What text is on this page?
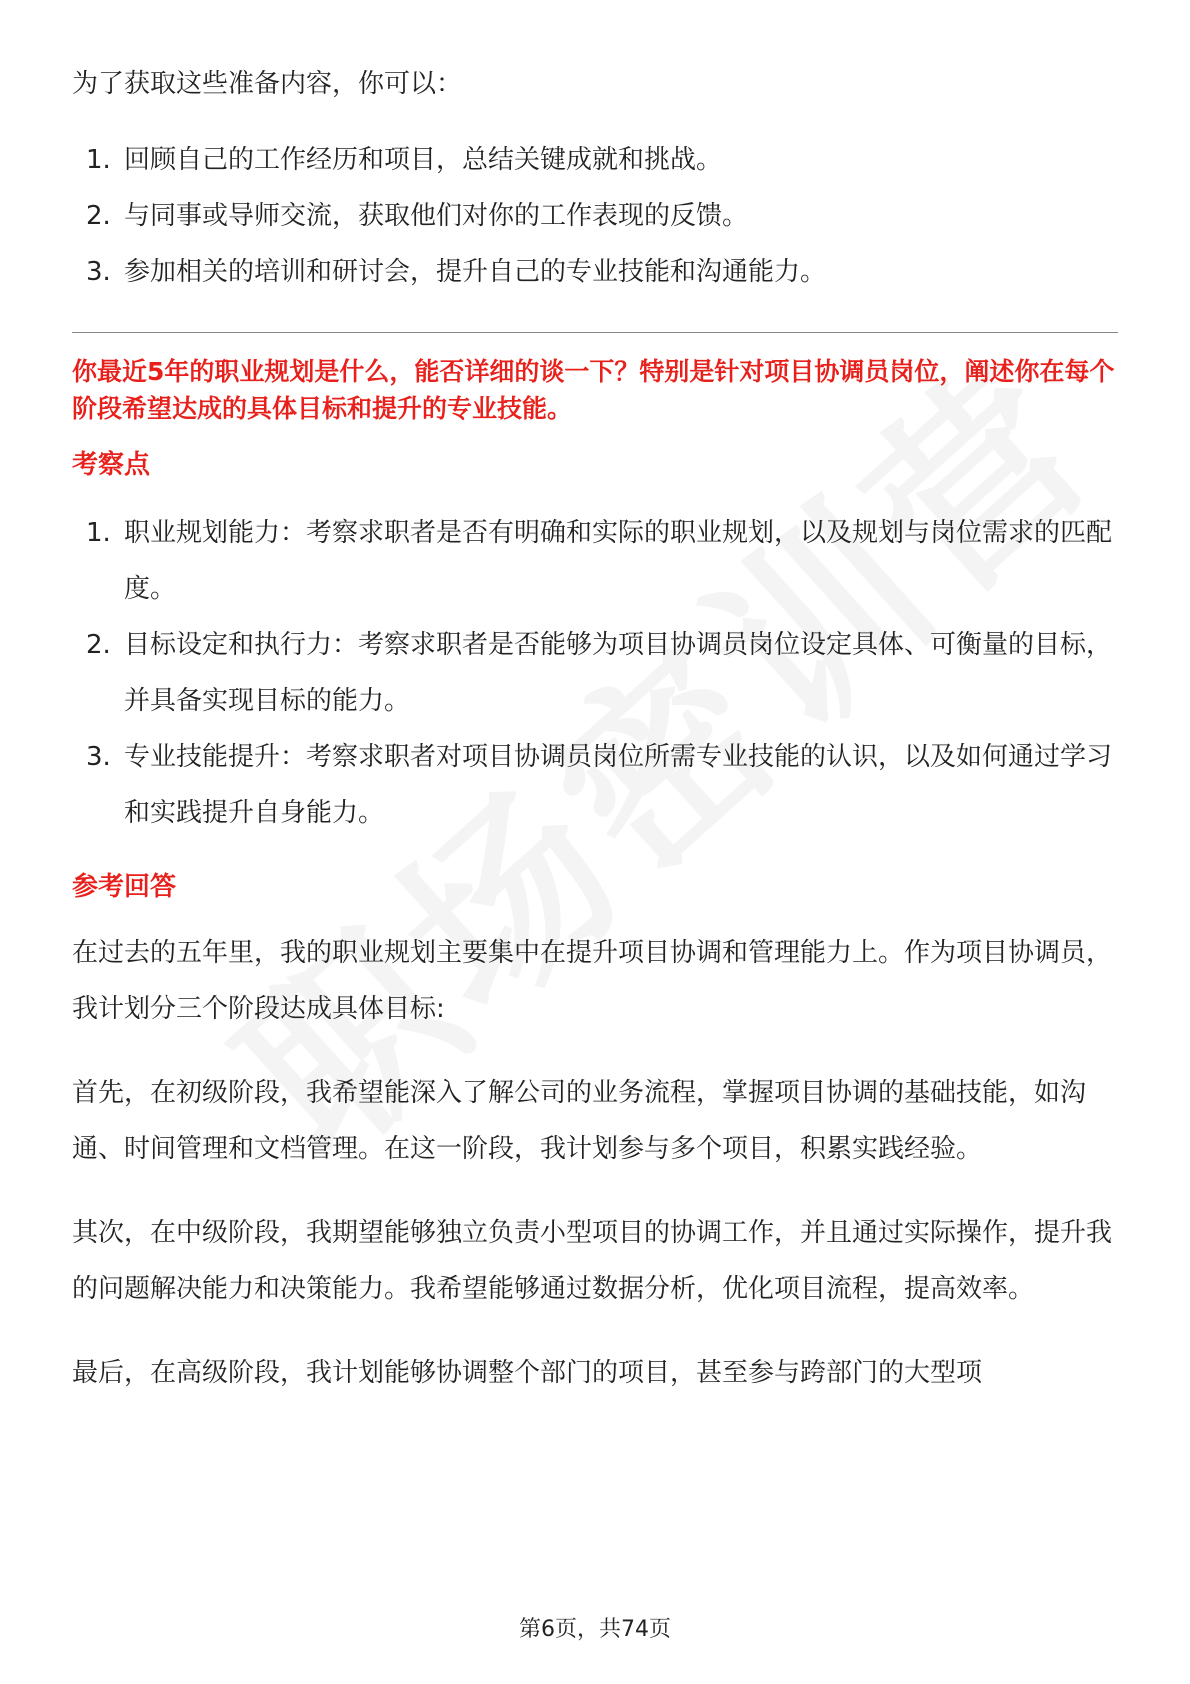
为了获取这些准备内容，你可以：

1. 回顾自己的工作经历和项目，总结关键成就和挑战。
2. 与同事或导师交流，获取他们对你的工作表现的反馈。
3. 参加相关的培训和研讨会，提升自己的专业技能和沟通能力。

你最近5年的职业规划是什么，能否详细的谈一下？特别是针对项目协调员岗位，阐述你在每个阶段希望达成的具体目标和提升的专业技能。

考察点

1. 职业规划能力：考察求职者是否有明确和实际的职业规划，以及规划与岗位需求的匹配度。
2. 目标设定和执行力：考察求职者是否能够为项目协调员岗位设定具体、可衡量的目标，并具备实现目标的能力。
3. 专业技能提升：考察求职者对项目协调员岗位所需专业技能的认识，以及如何通过学习和实践提升自身能力。

参考回答

在过去的五年里，我的职业规划主要集中在提升项目协调和管理能力上。作为项目协调员，我计划分三个阶段达成具体目标:

首先，在初级阶段，我希望能深入了解公司的业务流程，掌握项目协调的基础技能，如沟通、时间管理和文档管理。在这一阶段，我计划参与多个项目，积累实践经验。

其次，在中级阶段，我期望能够独立负责小型项目的协调工作，并且通过实际操作，提升我的问题解决能力和决策能力。我希望能够通过数据分析，优化项目流程，提高效率。

最后，在高级阶段，我计划能够协调整个部门的项目，甚至参与跨部门的大型项

第6页，共74页
